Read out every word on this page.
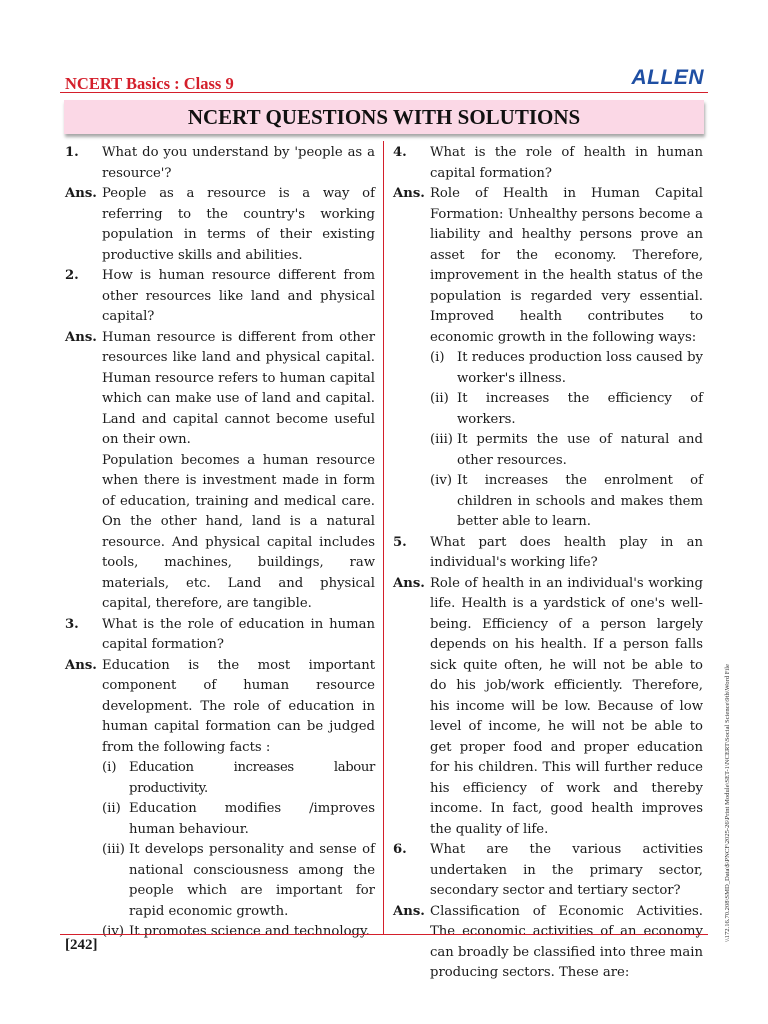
NCERT Basics : Class 9	ALLEN
NCERT QUESTIONS WITH SOLUTIONS
1.	What do you understand by 'people as a resource'?
Ans. People as a resource is a way of referring to the country's working population in terms of their existing productive skills and abilities.
2.	How is human resource different from other resources like land and physical capital?
Ans. Human resource is different from other resources like land and physical capital. Human resource refers to human capital which can make use of land and capital. Land and capital cannot become useful on their own.
Population becomes a human resource when there is investment made in form of education, training and medical care. On the other hand, land is a natural resource. And physical capital includes tools, machines, buildings, raw materials, etc. Land and physical capital, therefore, are tangible.
3.	What is the role of education in human capital formation?
Ans. Education is the most important component of human resource development. The role of education in human capital formation can be judged from the following facts :
(i) Education increases labour productivity.
(ii) Education modifies /improves human behaviour.
(iii) It develops personality and sense of national consciousness among the people which are important for rapid economic growth.
(iv) It promotes science and technology.
4.	What is the role of health in human capital formation?
Ans. Role of Health in Human Capital Formation: Unhealthy persons become a liability and healthy persons prove an asset for the economy. Therefore, improvement in the health status of the population is regarded very essential. Improved health contributes to economic growth in the following ways:
(i) It reduces production loss caused by worker's illness.
(ii) It increases the efficiency of workers.
(iii) It permits the use of natural and other resources.
(iv) It increases the enrolment of children in schools and makes them better able to learn.
5.	What part does health play in an individual's working life?
Ans. Role of health in an individual's working life. Health is a yardstick of one's well-being. Efficiency of a person largely depends on his health. If a person falls sick quite often, he will not be able to do his job/work efficiently. Therefore, his income will be low. Because of low level of income, he will not be able to get proper food and proper education for his children. This will further reduce his efficiency of work and thereby income. In fact, good health improves the quality of life.
6.	What are the various activities undertaken in the primary sector, secondary sector and tertiary sector?
Ans. Classification of Economic Activities. The economic activities of an economy can broadly be classified into three main producing sectors. These are:
[242]
\\172.16.70.208\SMD_Data\$\PNCF\2025-26\Print Module\SET-1\NCERT\Social Science\9th\Word File
